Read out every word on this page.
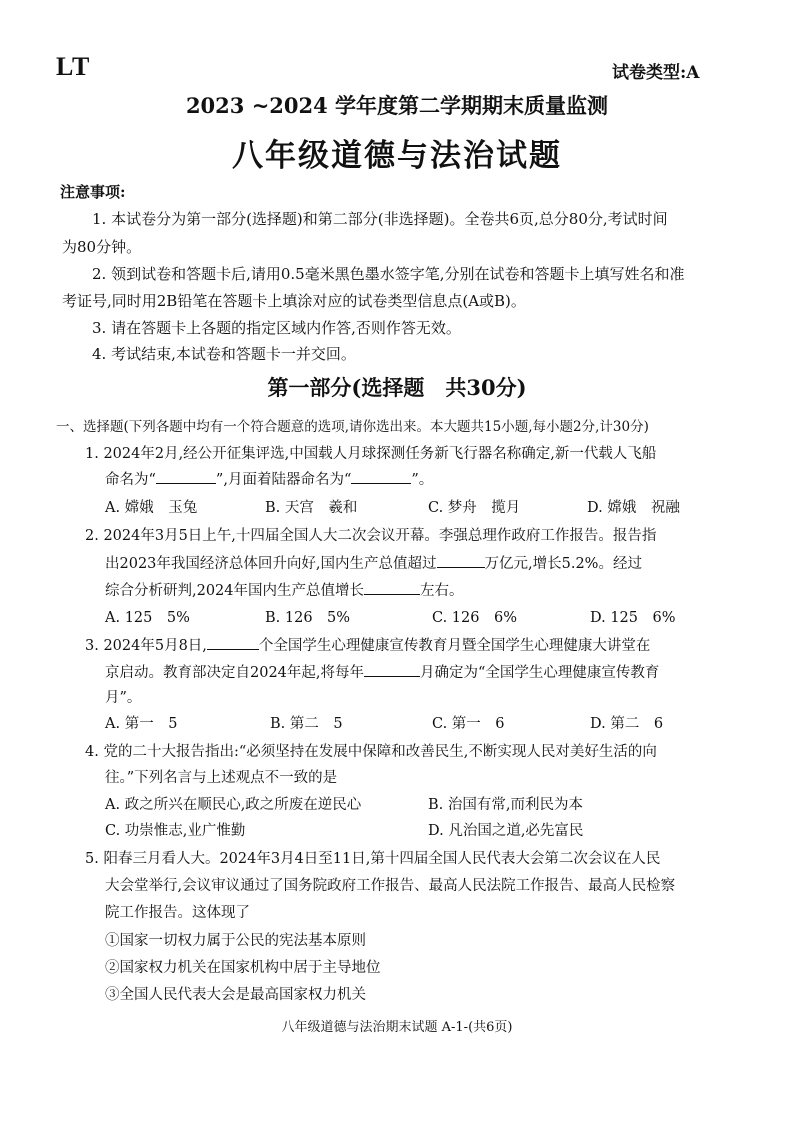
LT	试卷类型:A
2023 ~2024 学年度第二学期期末质量监测
八年级道德与法治试题
注意事项:
1. 本试卷分为第一部分(选择题)和第二部分(非选择题)。全卷共6页,总分80分,考试时间
为80分钟。
2. 领到试卷和答题卡后,请用0.5毫米黑色墨水签字笔,分别在试卷和答题卡上填写姓名和准
考证号,同时用2B铅笔在答题卡上填涂对应的试卷类型信息点(A或B)。
3. 请在答题卡上各题的指定区域内作答,否则作答无效。
4. 考试结束,本试卷和答题卡一并交回。
第一部分(选择题　共30分)
一、选择题(下列各题中均有一个符合题意的选项,请你选出来。本大题共15小题,每小题2分,计30分)
1. 2024年2月,经公开征集评选,中国载人月球探测任务新飞行器名称确定,新一代载人飞船
命名为“	”,月面着陆器命名为“	”。
A. 嫦娥　玉兔	B. 天宫　羲和	C. 梦舟　揽月	D. 嫦娥　祝融
2. 2024年3月5日上午,十四届全国人大二次会议开幕。李强总理作政府工作报告。报告指
出2023年我国经济总体回升向好,国内生产总值超过	万亿元,增长5.2%。经过
综合分析研判,2024年国内生产总值增长	左右。
A. 125　5%	B. 126　5%	C. 126　6%	D. 125　6%
3. 2024年5月8日,	个全国学生心理健康宣传教育月暨全国学生心理健康大讲堂在
京启动。教育部决定自2024年起,将每年	月确定为“全国学生心理健康宣传教育
月”。
A. 第一　5	B. 第二　5	C. 第一　6	D. 第二　6
4. 党的二十大报告指出:“必须坚持在发展中保障和改善民生,不断实现人民对美好生活的向
往。”下列名言与上述观点不一致的是
A. 政之所兴在顺民心,政之所废在逆民心	B. 治国有常,而利民为本
C. 功崇惟志,业广惟勤	D. 凡治国之道,必先富民
5. 阳春三月看人大。2024年3月4日至11日,第十四届全国人民代表大会第二次会议在人民
大会堂举行,会议审议通过了国务院政府工作报告、最高人民法院工作报告、最高人民检察
院工作报告。这体现了
①国家一切权力属于公民的宪法基本原则
②国家权力机关在国家机构中居于主导地位
③全国人民代表大会是最高国家权力机关
八年级道德与法治期末试题 A-1-(共6页)
